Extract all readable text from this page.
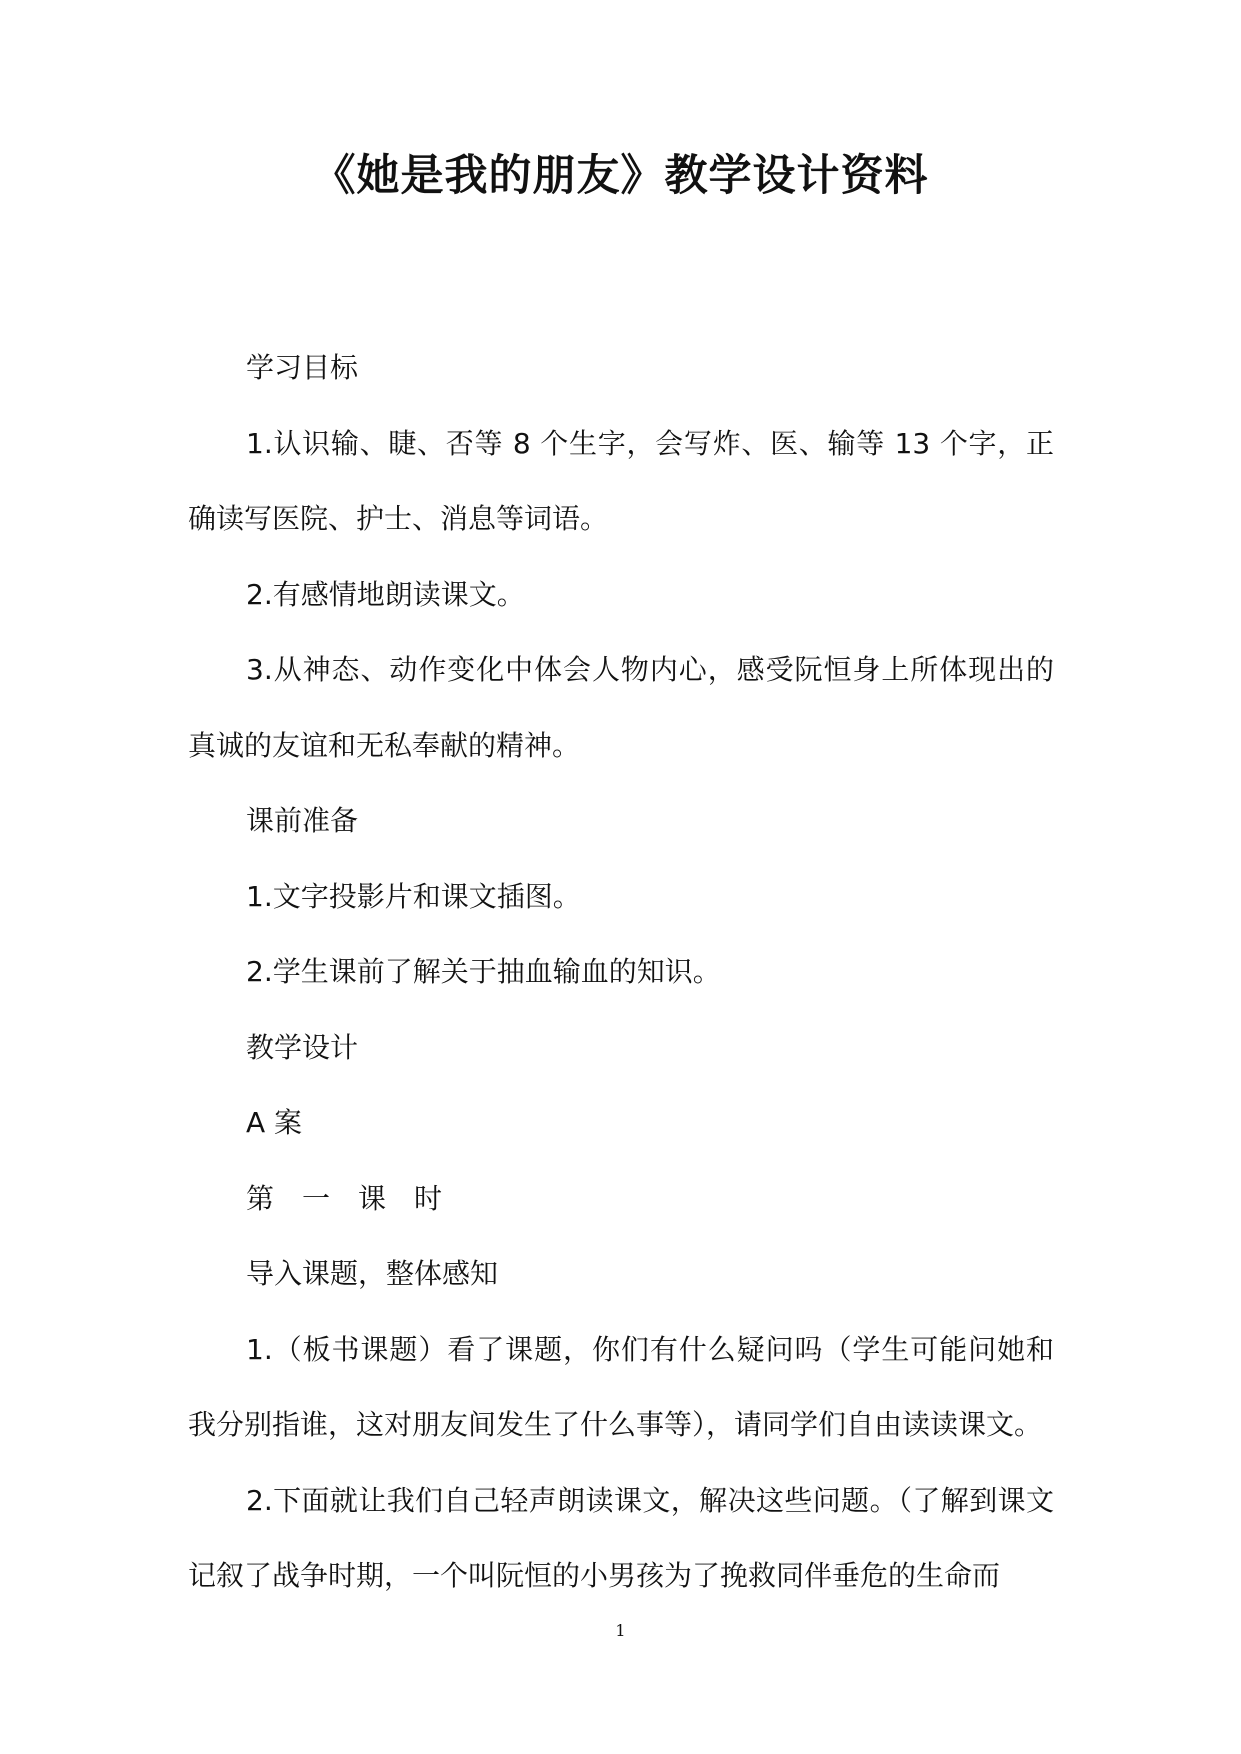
《她是我的朋友》教学设计资料

学习目标

1.认识输、睫、否等 8 个生字，会写炸、医、输等 13 个字，正确读写医院、护士、消息等词语。

2.有感情地朗读课文。

3.从神态、动作变化中体会人物内心，感受阮恒身上所体现出的真诚的友谊和无私奉献的精神。

课前准备

1.文字投影片和课文插图。

2.学生课前了解关于抽血输血的知识。

教学设计

A 案

第　一　课　时

导入课题，整体感知

1.（板书课题）看了课题，你们有什么疑问吗（学生可能问她和我分别指谁，这对朋友间发生了什么事等），请同学们自由读读课文。

2.下面就让我们自己轻声朗读课文，解决这些问题。（了解到课文记叙了战争时期，一个叫阮恒的小男孩为了挽救同伴垂危的生命而

1
